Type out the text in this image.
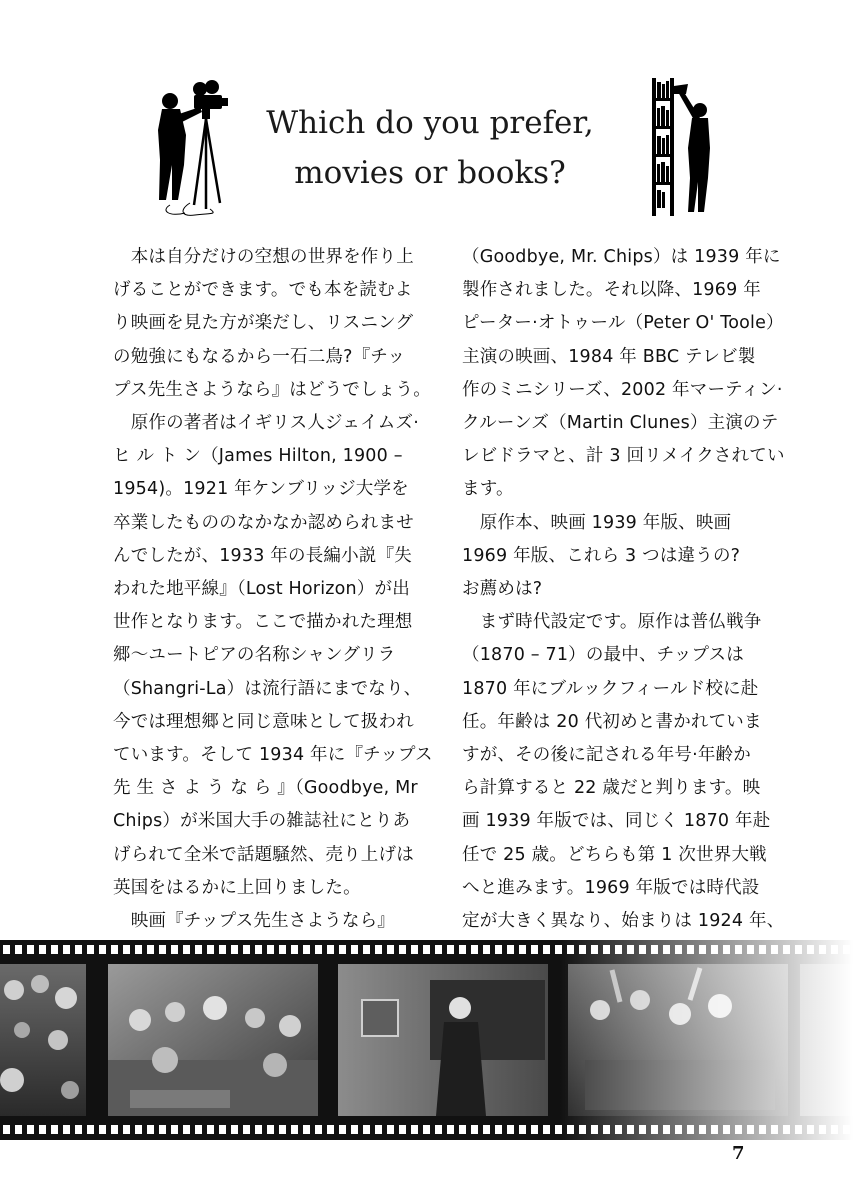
Which do you prefer,
movies or books?

　本は自分だけの空想の世界を作り上

げることができます。でも本を読むよ

り映画を見た方が楽だし、リスニング

の勉強にもなるから一石二鳥?『チッ

プス先生さようなら』はどうでしょう。

　原作の著者はイギリス人ジェイムズ·

ヒ ル ト ン（James Hilton, 1900 –

1954)。1921 年ケンブリッジ大学を

卒業したもののなかなか認められませ

んでしたが、1933 年の長編小説『失

われた地平線』（Lost Horizon）が出

世作となります。ここで描かれた理想

郷〜ユートピアの名称シャングリラ

（Shangri-La）は流行語にまでなり、

今では理想郷と同じ意味として扱われ

ています。そして 1934 年に『チップス

先 生 さ よ う な ら 』（Goodbye, Mr

Chips）が米国大手の雑誌社にとりあ

げられて全米で話題騒然、売り上げは

英国をはるかに上回りました。

　映画『チップス先生さようなら』

（Goodbye, Mr. Chips）は 1939 年に

製作されました。それ以降、1969 年

ピーター·オトゥール（Peter O' Toole）

主演の映画、1984 年 BBC テレビ製

作のミニシリーズ、2002 年マーティン·

クルーンズ（Martin Clunes）主演のテ

レビドラマと、計 3 回リメイクされてい

ます。

　原作本、映画 1939 年版、映画

1969 年版、これら 3 つは違うの?

お薦めは?

　まず時代設定です。原作は普仏戦争

（1870 – 71）の最中、チップスは

1870 年にブルックフィールド校に赴

任。年齢は 20 代初めと書かれていま

すが、その後に記される年号·年齢か

ら計算すると 22 歳だと判ります。映

画 1939 年版では、同じく 1870 年赴

任で 25 歳。どちらも第 1 次世界大戦

へと進みます。1969 年版では時代設

定が大きく異なり、始まりは 1924 年、

7
